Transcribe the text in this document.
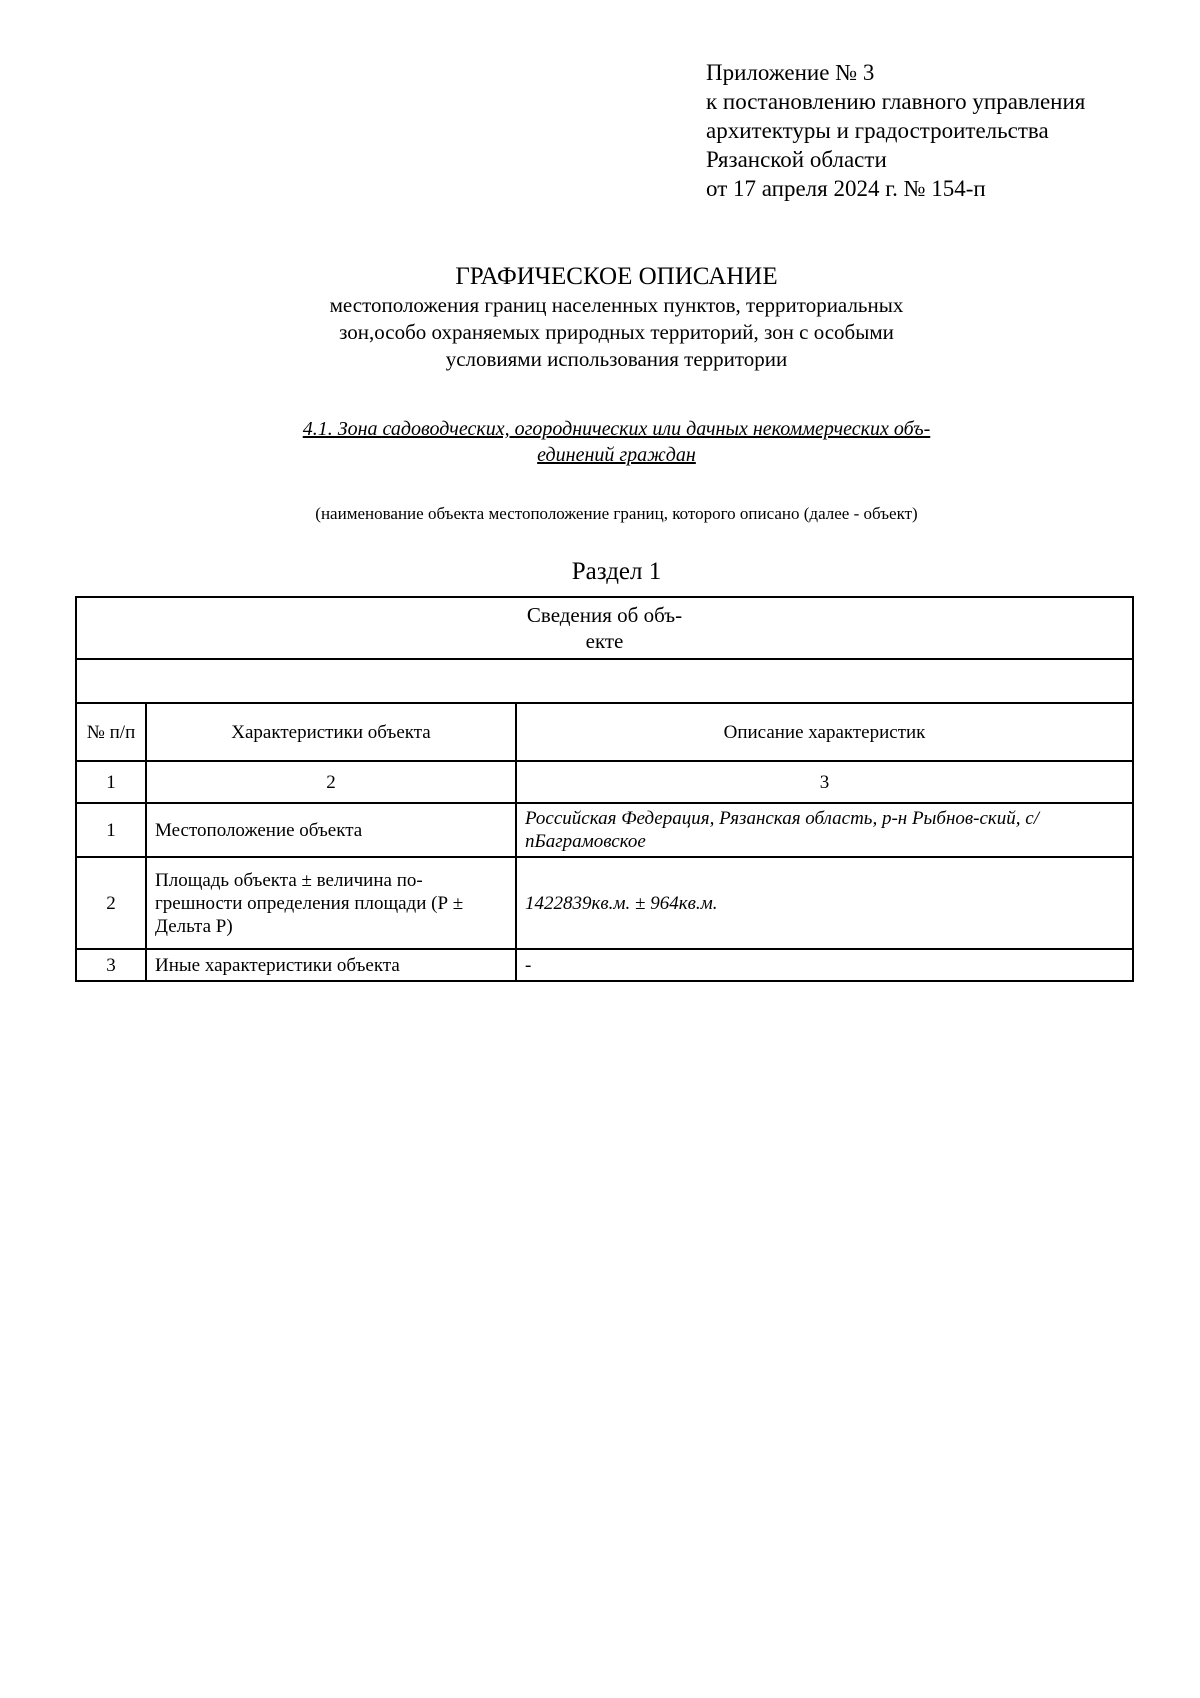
Приложение № 3
к постановлению главного управления
архитектуры и градостроительства
Рязанской области
от 17 апреля 2024 г. № 154-п
ГРАФИЧЕСКОЕ ОПИСАНИЕ
местоположения границ населенных пунктов, территориальных
зон,особо охраняемых природных территорий, зон с особыми
условиями использования территории
4.1. Зона садоводческих, огороднических или дачных некоммерческих объ-
единений граждан
(наименование объекта местоположение границ, которого описано (далее - объект)
Раздел 1
Сведения об объ-
екте		

№ п/п	Характеристики объекта	Описание характеристик
1	2	3
1	Местоположение объекта	Российская Федерация, Рязанская область, р-н Рыбнов-ский, с/пБаграмовское
2	Площадь объекта ± величина по-грешности определения площади (Р ± Дельта Р)	1422839кв.м. ± 964кв.м.
3	Иные характеристики объекта	-
